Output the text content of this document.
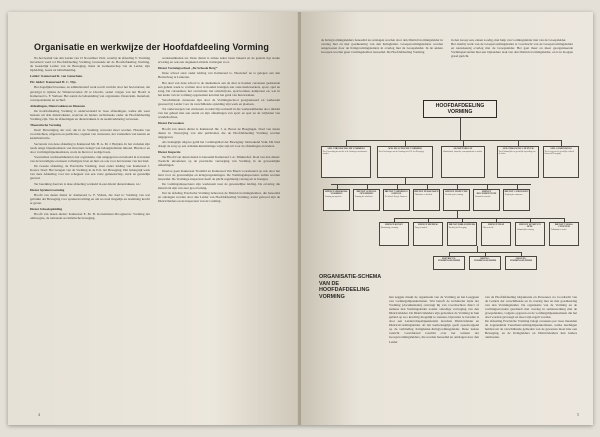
Organisatie en werkwijze der Hoofdafdeeling Vorming

Na het besluit van den Leider van 15 November 1941, waarbij de afdeeling V. Vorming bevorderd werd tot Hoofdafdeeling Vorming, bestaande uit de Hoofdafdeeling Vorming, de Geestelijk Leider van de Beweging, thans de Gemeenschap van de Leider, zijn Opleiding, Geest en Ontwikkeling.

Leider: Kameraad R. van Genechten.

Plv. leider: Kameraad H. C. Nijs.

Het dagelijksch bestuur, en administratief werk wordt verricht door het Secretariaat, dat geverigd is tijdens de Winteravonden 20 te Utrecht, sedert volgen van het Hoofd is Kameraad G. F. Verhaar. Het aantal de behandeling van organisatie, financieën, materiaal, correspondentie en archief.

Afdeelingen, Dienstvakken en Diensten

De hoofdafdeeling Vorming is onderverdeeld in twee afdeelingen, welke elk weer bestaan uit drie dienstvakken, waarvan de leiders rechtstreeks onder de Hoofdafdeeling Vorming zijn. Van de afdeelingen en dienstvakken is de naamverklaring verwezen.

Theoretische Vorming

Doel: Bevestiging der stof, die in de Vorming verwerkt moet worden. Houden van voordrachten, uitgeven en publicatie, regelen van cursussen, het vaststellen van kennis en kaderinstructie.

Secretaris van deze afdeeling is Kameraad Mr. H. A. M. J. Heijden. In het verleden zijn reeds enige bijeenkomsten van Inwoners belegd van belangstellende inhoud. Hierdoor en door vormingsbijeenkomsten, zoals de hiervoor nodige basis.

Vooruitzien werkzaamheden is het organisatie, zijn aangegeven en bedoeld in te houden van de levendigste en meest volledigste bron en huis en ook voor het bestuur van het land.

De tweede afdeeling, de Practische Vorming, staat onder leiding van Kameraad J. Koster. Doel: Het brengen van de Vorming in de P.O. der Beweging. Het belangrijk werk van deze Afdeeling voor het scheppen van een vaste gemeenschap, sterk en geestelijk gezond.

Ter bereiking daarvan is deze afdeeling verdeeld in een drietal dienstvakken, n.l.:

Dienst Sprekersvorming

Hoofd van dezen dienst is: Kameraad G. F. Visbén, die doel is: Vorming van wat gebruikt der Beweging voor sprekersvorming en om zooveel mogelijk en doelmatig kracht te geven.

Dienst Schoolopleiding

Hoofd van dezen dienst: Kameraad E. M. B. Kortenmeier-Droogleever. Vorming der omhoogste, de nationaal-socialistische beweging.

werkzaamheden ter. Deze dienst is ermee zeker beste bekend en de geleide ligt sterke ervaring en ook een ongekend arbeids vermogen voor.

Dienst Vormingsschool „De Schoole Berg”

Deze school staat onder leiding van Kameraad G. Nieuwhof en is gelegen aan den Heuvelweg te Lunteren.

Het doel van deze school is de deelnemers aan de daar te houden cursussen gedurende een gehele week te vormen door te houden lezingen aan onze medewerkers, sport, spel en zang. De cursusduur, het overwinter, het omschrijven, sportvormen, kampvuur en, wat in het kader van de vorming opgenomen kan met het getal van hun karakter.

Verschillende cursussen zijn door de Vormingsschool georganiseerd en werkzaam geweest bij Leider voor de verschillende opleiding zijn werk en plaatsen.

Tot onderwerpen van cursussen worden bijvoorbeeld in die werkzaamheden door middel van het geheel met een aantal en zijn afdeelingen van sport en spel en de vrijheden van wandeltochten.

Dienst Persosaken

Hoofd van dezen dienst is Kameraad Jhr. J. A. Baron de Haagingan. Doel van dezen dienst is: Verzorging van alle publicaties die de Hoofdafdeeling Vorming worden uitgegeven.

Als belangrijk uitgave geldt het vormingsblad der Beweging: Ontwakend Volk. Dit blad draagt de zorg op een artistiek-kunstzinnige wijze zijn uit voor de afdeelingen en kaders.

Dienst Inspectie

Ter Hoofd van dezen dienst is benoemd Kameraad J. A. Timmerhof. Doel van den dienst: Toezicht uitoefenen op de practische verzorging van Vorming in de gewestelijke afdeelingen.

Daartoe gaan Kameraad Troubild en Kameraad Van Breen voortdurend op reis door het land voor de gewestelijke en kringvergaderingen. De Vormingsinspecteurs zullen worden benoemd. De Vormings-inspecteur heeft de plicht regelmatig verslag uit te brengen.

De vormingsinspecteurs zijn werkzaam naar de gewestelijke leiding. De ervaring die hieruit zal zijn van zeer groot belang.

Dat de afdeling Practische Vorming behoeven de Districtsvormingsleiders, die benoemd en ontslagen worden door den Leider van Hoofdafdeeling Vorming, nadat gehoord zijn de Districtleiders en de inspecteur van de vorming.

4
de Kringvormingsleiders benoemd en ontslagen worden door den Districtsvormingsleider in overleg met en met goedkeuring van den Kringleider. Groepsvormingsleiders worden aangewezen door de Kringvormingsleiders in overleg met de Groepsleider. In de andere Groepen worden geen vormingsleiders benoemd. De Hoofdafdeeling Vorming
in den Groep aan, zaken zoodig, met hulp van vormingsleider met van de Groepsleider.
Het daarbij werk van de Groepsvormingsleider is voordracht van de Groepsvormingsleider en nauwkeurig overleg met de Groepsleider. Het gaat meer en meer georganiseerde Vormingsavonden met een bijzondere taak van den Districtsvormingsleider, en is in hoogste graad gericht.
HOOFDAFDEELING VORMING
AFD. THEORETISCHE VORMING
Doel: bewerking der stof die in de Vorming verwerkt moet worden.
AFD. PRACTISCHE VORMING
Doel: het brengen van de Vorming in de P.O. der Beweging.
SECRETARIAAT
Administratie, financiën, correspondentie en archief.
AFD. PERSOONS CULTUUR
Doel: lichamelijke en geestelijke opvoeding van de leden.
AFD. SAMENHANG
Doel: zorg voor de geestelijke eenheid binnen de Beweging.
DIENST SPREKERS-VORMING
Vorming van sprekers.
DIENST SCHOOL OPLEIDING
Vorming der scholieren.
DIENST VORMINGS-SCHOOL
De Schoole Berg te Lunteren.
DIENST PERSZAKEN
Publicaties en het blad.
DIENST INSPECTIE
Toezicht op de vorming.
DIENST DOCUMENTATIE
Verzamelen van stof.
DIENST CURSUSSEN
Regeling der cursussen.
DIENST KUNST
Kunstzinnige vorming.
DIENST MUZIEK
Zang en muziek.
DIENST BIBLIOTHEEK
Boekerij der Beweging.
DIENST FILM
Film en beeld.
DIENST SPORT EN SPEL
Lichamelijke vorming.
DIENST VOLKS-CULTUUR
Volkskunst en zeden.
DISTRICTS-VORMINGSLEIDER
KRING-VORMINGSLEIDER
GROEPS-VORMINGSLEIDER
ORGANISATIE-SCHEMA VAN DE HOOFDAFDEELING VORMING	hen zeggen maakt de organisatie van de Vorming en het Leeggaan van vormingsbijeenkomsten. Wat betreft de technische zijde der Vorming (documentatie) ontvangt hij van voordrachten direct of namens den Vormingsleider zonder onnodige vertraging van den Districtsleider. De Districtsleiders zijn gebonden de Vorming in hun gebied op zoo krachtig mogelijk te steunen, bijzonder te beraden is door een Leiderschapsbijeenkomst tusschen Districtsleider en Districtsvormingsleider. Al het leerbelangrijk geeft opeenvolgend op de verbinding Kringleider-Kringvormingsleider. Deze laatste toezicht voortdurend toezicht over het werken der Groepsvormingsleiders, die worden benoemd en ontslagen door den Leider
van de Hoofdafdeeling Organisatie en Personeel, na voordracht van de Leiders der verschillende en in overleg met en met goedkeuring van den Vormingsleider. De organisatie van de Vorming en de vormingsavonden geschiedt met overleg in samenwerking met de groepsleiders, volgens opgaven en de vormingsbijeenkomsten die het doel worden gevraagd en moet zijn regelt worden.
De afdeeling Practische Vorming belegt eveneens per twee maanden de zogenaamde Tusschenvormingsbijeenkomsten, welke leerlingen hebben uit de verschillende gebieden van de gewesten moet hier een Beweging, en de Kringleiders en Districtsleiders hun leiders ontmoeten.
5
